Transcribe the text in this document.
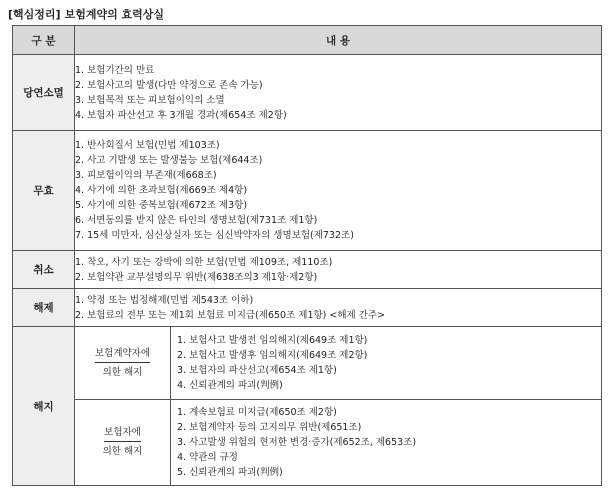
[핵심정리] 보험계약의 효력상실
구 분	내 용
당연소멸	
1. 보험기간의 만료
2. 보험사고의 발생(다만 약정으로 존속 가능)
3. 보험목적 또는 피보험이익의 소멸
4. 보험자 파산선고 후 3개월 경과(제654조 제2항)

무효	
1. 반사회질서 보험(민법 제103조)
2. 사고 기발생 또는 발생불능 보험(제644조)
3. 피보험이익의 부존재(제668조)
4. 사기에 의한 초과보험(제669조 제4항)
5. 사기에 의한 중복보험(제672조 제3항)
6. 서면동의를 받지 않은 타인의 생명보험(제731조 제1항)
7. 15세 미만자, 심신상실자 또는 심신박약자의 생명보험(제732조)

취소	
1. 착오, 사기 또는 강박에 의한 보험(민법 제109조, 제110조)
2. 보험약관 교부설명의무 위반(제638조의3 제1항·제2항)

해제	
1. 약정 또는 법정해제(민법 제543조 이하)
2. 보험료의 전부 또는 제1회 보험료 미지급(제650조 제1항) <해제 간주>

해지	
보험계약자에
의한 해지

1. 보험사고 발생전 임의해지(제649조 제1항)
2. 보험사고 발생후 임의해지(제649조 제2항)
3. 보험자의 파산선고(제654조 제1항)
4. 신뢰관계의 파괴(判例)

보험자에
의한 해지

1. 계속보험료 미지급(제650조 제2항)
2. 보험계약자 등의 고지의무 위반(제651조)
3. 사고발생 위험의 현저한 변경·증가(제652조, 제653조)
4. 약관의 규정
5. 신뢰관계의 파괴(判例)
